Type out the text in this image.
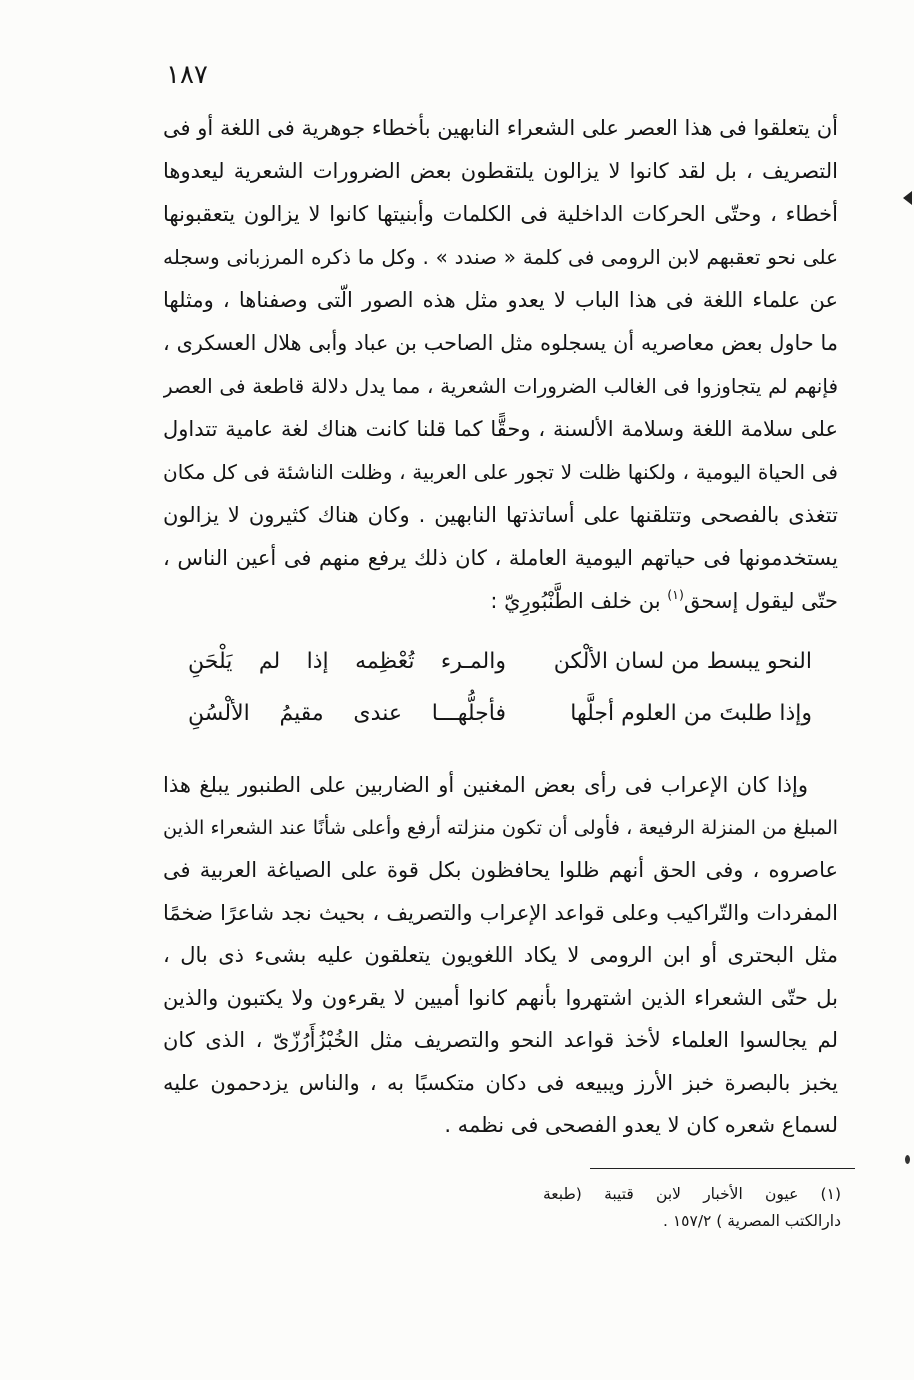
١٨٧
أن يتعلقوا فى هذا العصر على الشعراء النابهين بأخطاء جوهرية فى اللغة أو فى
التصريف ، بل لقد كانوا لا يزالون يلتقطون بعض الضرورات الشعرية ليعدوها
أخطاء ، وحتّى الحركات الداخلية فى الكلمات وأبنيتها كانوا لا يزالون يتعقبونها
على نحو تعقبهم لابن الرومى فى كلمة « صندد » . وكل ما ذكره المرزبانى وسجله
عن علماء اللغة فى هذا الباب لا يعدو مثل هذه الصور الّتى وصفناها ، ومثلها
ما حاول بعض معاصريه أن يسجلوه مثل الصاحب بن عباد وأبى هلال العسكرى ،
فإنهم لم يتجاوزوا فى الغالب الضرورات الشعرية ، مما يدل دلالة قاطعة فى العصر
على سلامة اللغة وسلامة الألسنة ، وحقًّا كما قلنا كانت هناك لغة عامية تتداول
فى الحياة اليومية ، ولكنها ظلت لا تجور على العربية ، وظلت الناشئة فى كل مكان
تتغذى بالفصحى وتتلقنها على أساتذتها النابهين . وكان هناك كثيرون لا يزالون
يستخدمونها فى حياتهم اليومية العاملة ، كان ذلك يرفع منهم فى أعين الناس ،
حتّى ليقول إسحق$^{(١)}$ بن خلف الطَّنْبُورِيّ :
النحو يبسط من لسان الألْكن
والمـرء تُعْظِمه إذا لم يَلْحَنِ
وإذا طلبتَ من العلوم أجلَّها
فأجلُّهـــا عندى مقيمُ الألْسُنِ
وإذا كان الإعراب فى رأى بعض المغنين أو الضاربين على الطنبور يبلغ هذا
المبلغ من المنزلة الرفيعة ، فأولى أن تكون منزلته أرفع وأعلى شأنًا عند الشعراء الذين
عاصروه ، وفى الحق أنهم ظلوا يحافظون بكل قوة على الصياغة العربية فى
المفردات والتّراكيب وعلى قواعد الإعراب والتصريف ، بحيث نجد شاعرًا ضخمًا
مثل البحترى أو ابن الرومى لا يكاد اللغويون يتعلقون عليه بشىء ذى بال ،
بل حتّى الشعراء الذين اشتهروا بأنهم كانوا أميين لا يقرءون ولا يكتبون والذين
لم يجالسوا العلماء لأخذ قواعد النحو والتصريف مثل الخُبْزُأَرُزّىّ ، الذى كان
يخبز بالبصرة خبز الأرز ويبيعه فى دكان متكسبًا به ، والناس يزدحمون عليه
لسماع شعره كان لا يعدو الفصحى فى نظمه .
(١) عيون الأخبار لابن قتيبة (طبعة
دارالكتب المصرية ) ١٥٧/٢ .
